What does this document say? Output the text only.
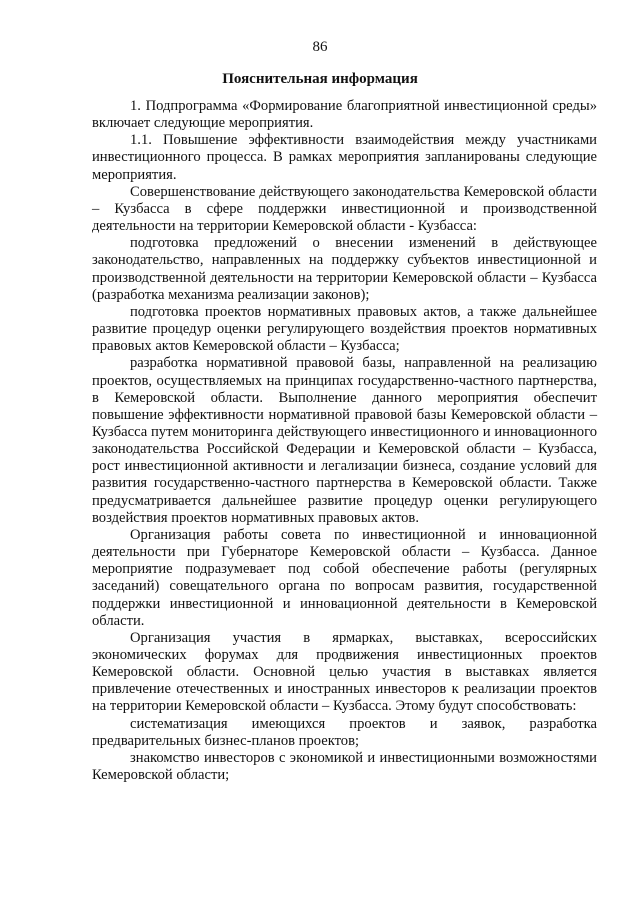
86
Пояснительная информация

1. Подпрограмма «Формирование благоприятной инвестиционной среды» включает следующие мероприятия.

1.1. Повышение эффективности взаимодействия между участниками инвестиционного процесса. В рамках мероприятия запланированы следующие мероприятия.

Совершенствование действующего законодательства Кемеровской области – Кузбасса в сфере поддержки инвестиционной и производственной деятельности на территории Кемеровской области - Кузбасса:

подготовка предложений о внесении изменений в действующее законодательство, направленных на поддержку субъектов инвестиционной и производственной деятельности на территории Кемеровской области – Кузбасса (разработка механизма реализации законов);

подготовка проектов нормативных правовых актов, а также дальнейшее развитие процедур оценки регулирующего воздействия проектов нормативных правовых актов Кемеровской области – Кузбасса;

разработка нормативной правовой базы, направленной на реализацию проектов, осуществляемых на принципах государственно-частного партнерства, в Кемеровской области. Выполнение данного мероприятия обеспечит повышение эффективности нормативной правовой базы Кемеровской области – Кузбасса путем мониторинга действующего инвестиционного и инновационного законодательства Российской Федерации и Кемеровской области – Кузбасса, рост инвестиционной активности и легализации бизнеса, создание условий для развития государственно-частного партнерства в Кемеровской области. Также предусматривается дальнейшее развитие процедур оценки регулирующего воздействия проектов нормативных правовых актов.

Организация работы совета по инвестиционной и инновационной деятельности при Губернаторе Кемеровской области – Кузбасса. Данное мероприятие подразумевает под собой обеспечение работы (регулярных заседаний) совещательного органа по вопросам развития, государственной поддержки инвестиционной и инновационной деятельности в Кемеровской области.

Организация участия в ярмарках, выставках, всероссийских экономических форумах для продвижения инвестиционных проектов Кемеровской области. Основной целью участия в выставках является привлечение отечественных и иностранных инвесторов к реализации проектов на территории Кемеровской области – Кузбасса. Этому будут способствовать:

систематизация имеющихся проектов и заявок, разработка предварительных бизнес-планов проектов;

знакомство инвесторов с экономикой и инвестиционными возможностями Кемеровской области;
